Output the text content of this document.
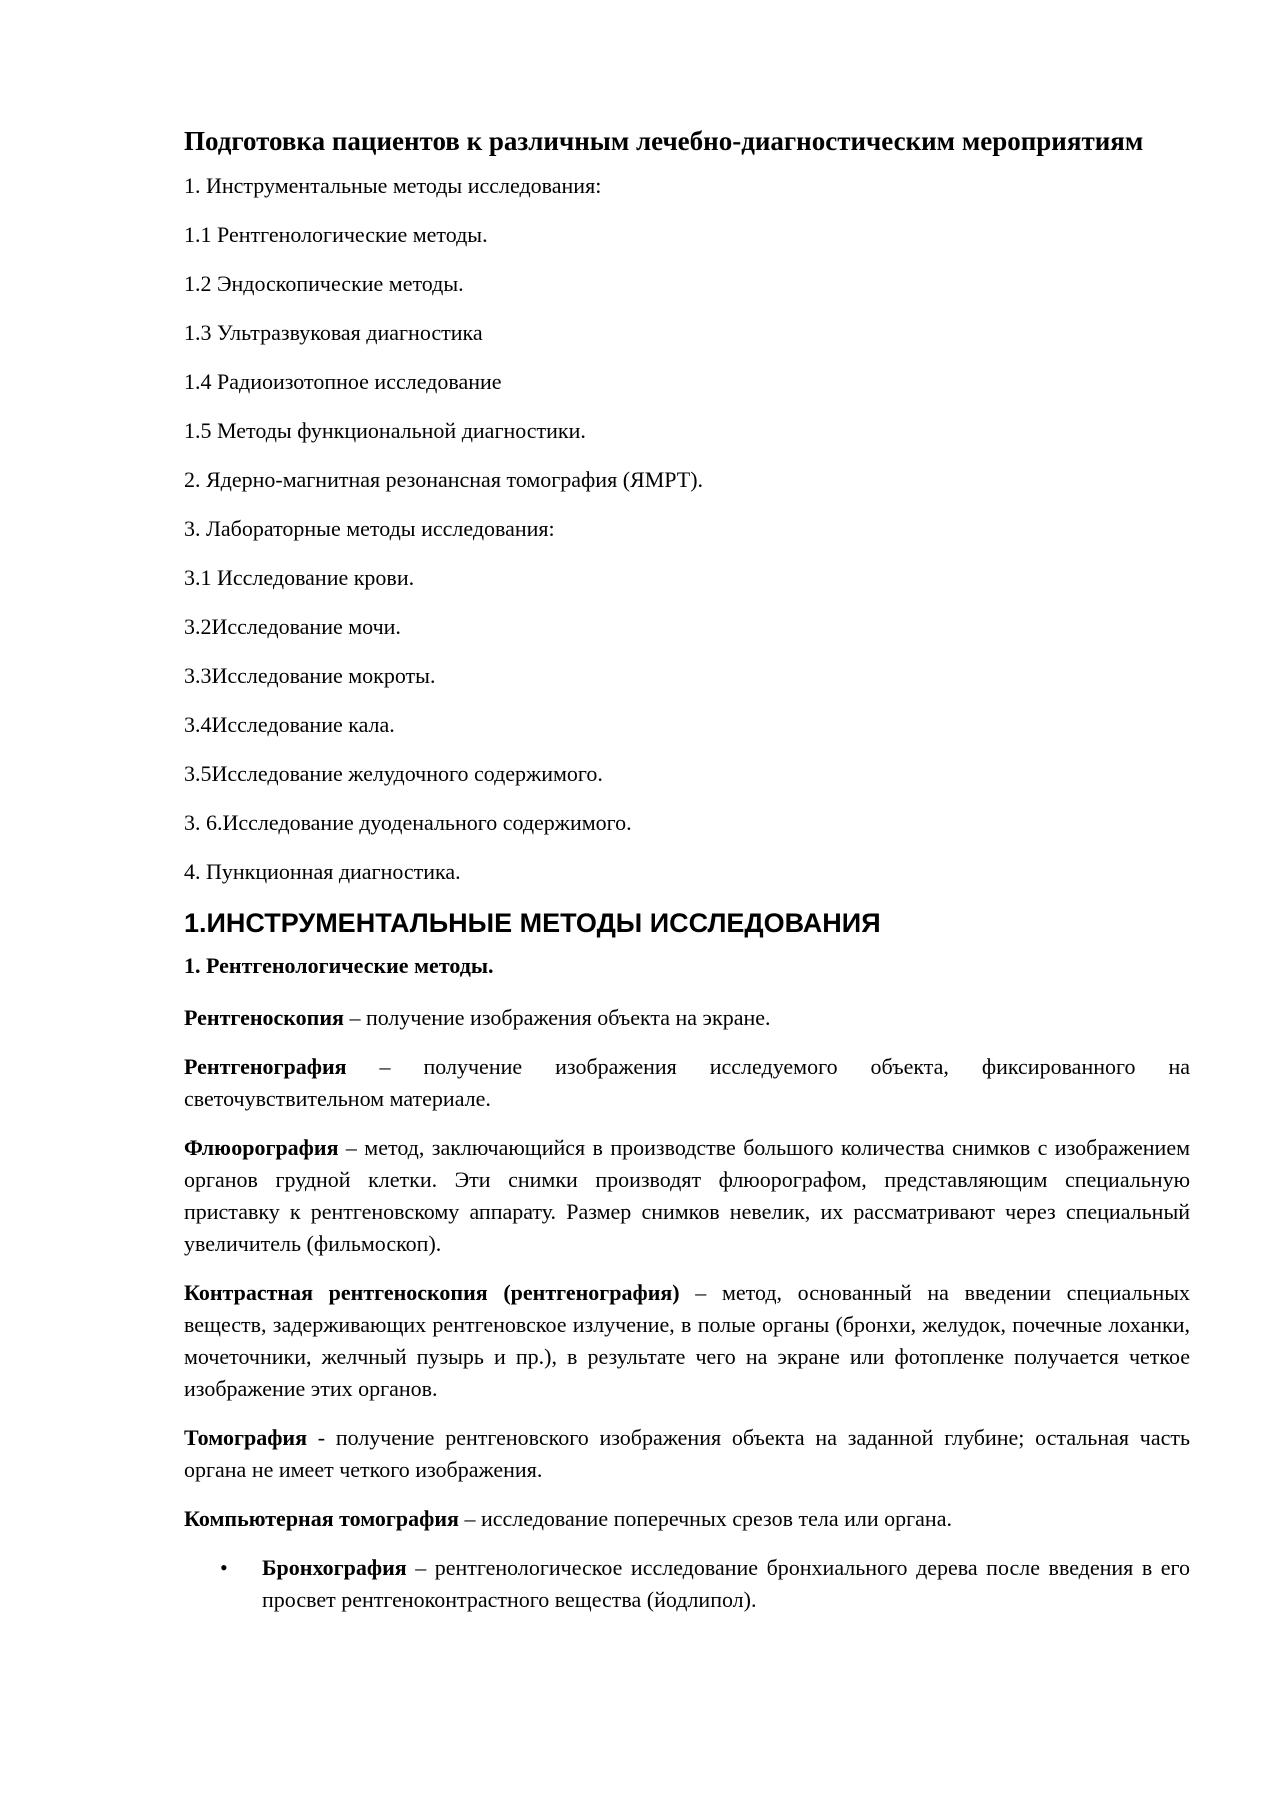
Подготовка пациентов к различным лечебно-диагностическим мероприятиям
1. Инструментальные методы исследования:
1.1 Рентгенологические методы.
1.2 Эндоскопические методы.
1.3 Ультразвуковая диагностика
1.4 Радиоизотопное исследование
1.5 Методы функциональной диагностики.
2. Ядерно-магнитная резонансная томография (ЯМРТ).
3. Лабораторные методы исследования:
3.1 Исследование крови.
3.2Исследование мочи.
3.3Исследование мокроты.
3.4Исследование кала.
3.5Исследование желудочного содержимого.
3. 6.Исследование дуоденального содержимого.
4. Пункционная диагностика.
1.ИНСТРУМЕНТАЛЬНЫЕ МЕТОДЫ ИССЛЕДОВАНИЯ
1. Рентгенологические методы.

Рентгеноскопия – получение изображения объекта на экране.

Рентгенография – получение изображения исследуемого объекта, фиксированного на светочувствительном материале.

Флюорография – метод, заключающийся в производстве большого количества снимков с изображением органов грудной клетки. Эти снимки производят флюорографом, представляющим специальную приставку к рентгеновскому аппарату. Размер снимков невелик, их рассматривают через специальный увеличитель (фильмоскоп).

Контрастная рентгеноскопия (рентгенография) – метод, основанный на введении специальных веществ, задерживающих рентгеновское излучение, в полые органы (бронхи, желудок, почечные лоханки, мочеточники, желчный пузырь и пр.), в результате чего на экране или фотопленке получается четкое изображение этих органов.

Томография - получение рентгеновского изображения объекта на заданной глубине; остальная часть органа не имеет четкого изображения.

Компьютерная томография – исследование поперечных срезов тела или органа.

• Бронхография – рентгенологическое исследование бронхиального дерева после введения в его просвет рентгеноконтрастного вещества (йодлипол).
